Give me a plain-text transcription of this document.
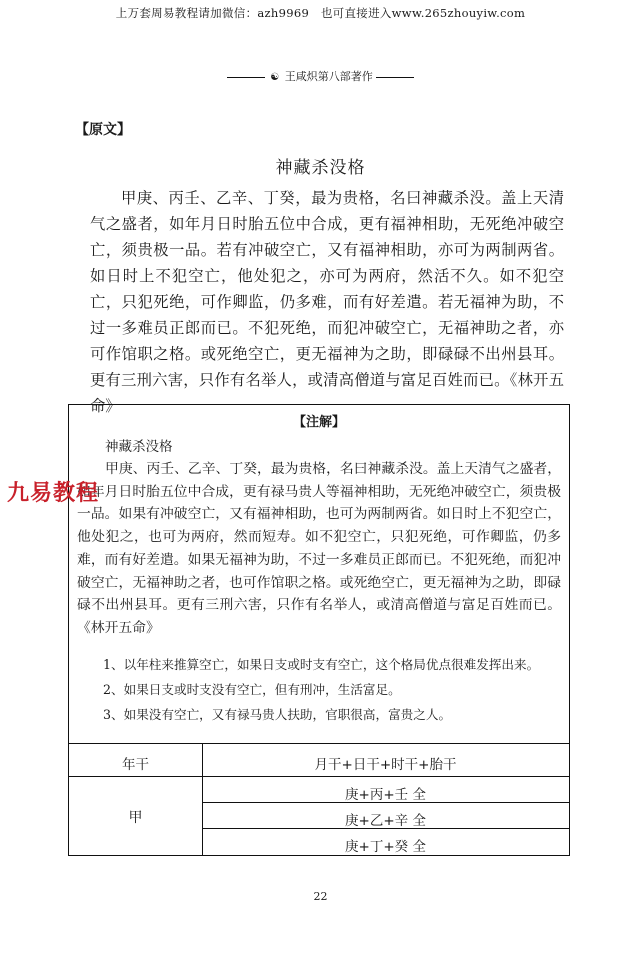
上万套周易教程请加微信：azh9969　也可直接进入www.265zhouyiw.com
☯ 王咸炽第八部著作
【原文】
神藏杀没格
甲庚、丙壬、乙辛、丁癸，最为贵格，名曰神藏杀没。盖上天清气之盛者，如年月日时胎五位中合成，更有福神相助，无死绝冲破空亡，须贵极一品。若有冲破空亡，又有福神相助，亦可为两制两省。如日时上不犯空亡，他处犯之，亦可为两府，然活不久。如不犯空亡，只犯死绝，可作卿监，仍多难，而有好差遣。若无福神为助，不过一多难员正郎而已。不犯死绝，而犯冲破空亡，无福神助之者，亦可作馆职之格。或死绝空亡，更无福神为之助，即碌碌不出州县耳。更有三刑六害，只作有名举人，或清高僧道与富足百姓而已。《林开五命》
【注解】
神藏杀没格
甲庚、丙壬、乙辛、丁癸，最为贵格，名曰神藏杀没。盖上天清气之盛者，如年月日时胎五位中合成，更有禄马贵人等福神相助，无死绝冲破空亡，须贵极一品。如果有冲破空亡，又有福神相助，也可为两制两省。如日时上不犯空亡，他处犯之，也可为两府，然而短寿。如不犯空亡，只犯死绝，可作卿监，仍多难，而有好差遣。如果无福神为助，不过一多难员正郎而已。不犯死绝，而犯冲破空亡，无福神助之者，也可作馆职之格。或死绝空亡，更无福神为之助，即碌碌不出州县耳。更有三刑六害，只作有名举人，或清高僧道与富足百姓而已。《林开五命》

1、以年柱来推算空亡，如果日支或时支有空亡，这个格局优点很难发挥出来。

2、如果日支或时支没有空亡，但有刑冲，生活富足。

3、如果没有空亡，又有禄马贵人扶助，官职很高，富贵之人。

年干	月干+日干+时干+胎干
甲
庚+丙+壬 全
庚+乙+辛 全
庚+丁+癸 全
九易教程
22
